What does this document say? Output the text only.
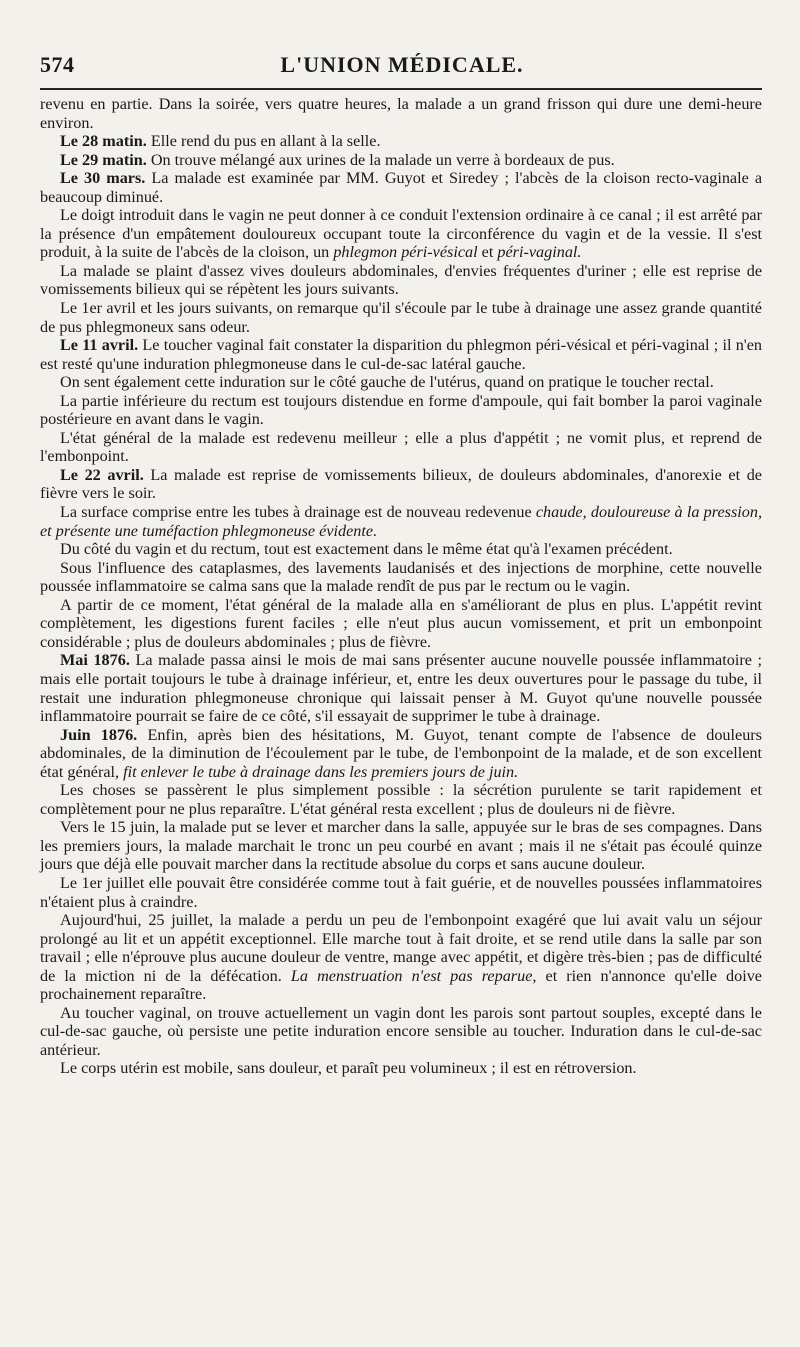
574	L'UNION MÉDICALE.

revenu en partie. Dans la soirée, vers quatre heures, la malade a un grand frisson qui dure une demi-heure environ.

Le 28 matin. Elle rend du pus en allant à la selle.

Le 29 matin. On trouve mélangé aux urines de la malade un verre à bordeaux de pus.

Le 30 mars. La malade est examinée par MM. Guyot et Siredey ; l'abcès de la cloison recto-vaginale a beaucoup diminué.

Le doigt introduit dans le vagin ne peut donner à ce conduit l'extension ordinaire à ce canal ; il est arrêté par la présence d'un empâtement douloureux occupant toute la circonférence du vagin et de la vessie. Il s'est produit, à la suite de l'abcès de la cloison, un phlegmon péri-vésical et péri-vaginal.

La malade se plaint d'assez vives douleurs abdominales, d'envies fréquentes d'uriner ; elle est reprise de vomissements bilieux qui se répètent les jours suivants.

Le 1er avril et les jours suivants, on remarque qu'il s'écoule par le tube à drainage une assez grande quantité de pus phlegmoneux sans odeur.

Le 11 avril. Le toucher vaginal fait constater la disparition du phlegmon péri-vésical et péri-vaginal ; il n'en est resté qu'une induration phlegmoneuse dans le cul-de-sac latéral gauche.

On sent également cette induration sur le côté gauche de l'utérus, quand on pratique le toucher rectal.

La partie inférieure du rectum est toujours distendue en forme d'ampoule, qui fait bomber la paroi vaginale postérieure en avant dans le vagin.

L'état général de la malade est redevenu meilleur ; elle a plus d'appétit ; ne vomit plus, et reprend de l'embonpoint.

Le 22 avril. La malade est reprise de vomissements bilieux, de douleurs abdominales, d'anorexie et de fièvre vers le soir.

La surface comprise entre les tubes à drainage est de nouveau redevenue chaude, douloureuse à la pression, et présente une tuméfaction phlegmoneuse évidente.

Du côté du vagin et du rectum, tout est exactement dans le même état qu'à l'examen précédent.

Sous l'influence des cataplasmes, des lavements laudanisés et des injections de morphine, cette nouvelle poussée inflammatoire se calma sans que la malade rendît de pus par le rectum ou le vagin.

A partir de ce moment, l'état général de la malade alla en s'améliorant de plus en plus. L'appétit revint complètement, les digestions furent faciles ; elle n'eut plus aucun vomissement, et prit un embonpoint considérable ; plus de douleurs abdominales ; plus de fièvre.

Mai 1876. La malade passa ainsi le mois de mai sans présenter aucune nouvelle poussée inflammatoire ; mais elle portait toujours le tube à drainage inférieur, et, entre les deux ouvertures pour le passage du tube, il restait une induration phlegmoneuse chronique qui laissait penser à M. Guyot qu'une nouvelle poussée inflammatoire pourrait se faire de ce côté, s'il essayait de supprimer le tube à drainage.

Juin 1876. Enfin, après bien des hésitations, M. Guyot, tenant compte de l'absence de douleurs abdominales, de la diminution de l'écoulement par le tube, de l'embonpoint de la malade, et de son excellent état général, fit enlever le tube à drainage dans les premiers jours de juin.

Les choses se passèrent le plus simplement possible : la sécrétion purulente se tarit rapidement et complètement pour ne plus reparaître. L'état général resta excellent ; plus de douleurs ni de fièvre.

Vers le 15 juin, la malade put se lever et marcher dans la salle, appuyée sur le bras de ses compagnes. Dans les premiers jours, la malade marchait le tronc un peu courbé en avant ; mais il ne s'était pas écoulé quinze jours que déjà elle pouvait marcher dans la rectitude absolue du corps et sans aucune douleur.

Le 1er juillet elle pouvait être considérée comme tout à fait guérie, et de nouvelles poussées inflammatoires n'étaient plus à craindre.

Aujourd'hui, 25 juillet, la malade a perdu un peu de l'embonpoint exagéré que lui avait valu un séjour prolongé au lit et un appétit exceptionnel. Elle marche tout à fait droite, et se rend utile dans la salle par son travail ; elle n'éprouve plus aucune douleur de ventre, mange avec appétit, et digère très-bien ; pas de difficulté de la miction ni de la défécation. La menstruation n'est pas reparue, et rien n'annonce qu'elle doive prochainement reparaître.

Au toucher vaginal, on trouve actuellement un vagin dont les parois sont partout souples, excepté dans le cul-de-sac gauche, où persiste une petite induration encore sensible au toucher. Induration dans le cul-de-sac antérieur.

Le corps utérin est mobile, sans douleur, et paraît peu volumineux ; il est en rétroversion.
